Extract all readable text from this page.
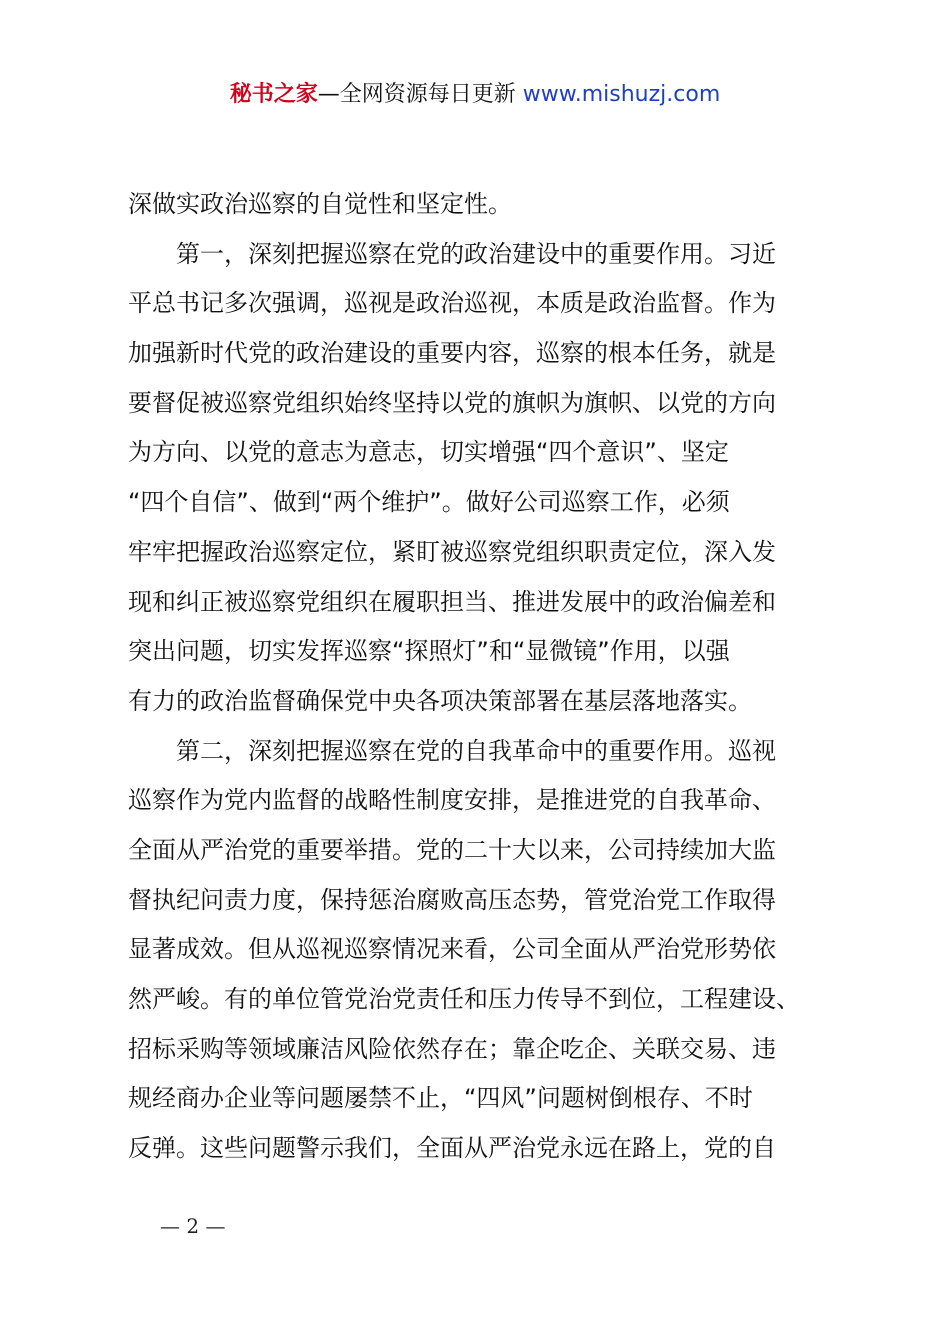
秘书之家—全网资源每日更新 www.mishuzj.com
深做实政治巡察的自觉性和坚定性。
　　第一，深刻把握巡察在党的政治建设中的重要作用。习近
平总书记多次强调，巡视是政治巡视，本质是政治监督。作为
加强新时代党的政治建设的重要内容，巡察的根本任务，就是
要督促被巡察党组织始终坚持以党的旗帜为旗帜、以党的方向
为方向、以党的意志为意志，切实增强“四个意识”、坚定
“四个自信”、做到“两个维护”。做好公司巡察工作，必须
牢牢把握政治巡察定位，紧盯被巡察党组织职责定位，深入发
现和纠正被巡察党组织在履职担当、推进发展中的政治偏差和
突出问题，切实发挥巡察“探照灯”和“显微镜”作用，以强
有力的政治监督确保党中央各项决策部署在基层落地落实。
　　第二，深刻把握巡察在党的自我革命中的重要作用。巡视
巡察作为党内监督的战略性制度安排，是推进党的自我革命、
全面从严治党的重要举措。党的二十大以来，公司持续加大监
督执纪问责力度，保持惩治腐败高压态势，管党治党工作取得
显著成效。但从巡视巡察情况来看，公司全面从严治党形势依
然严峻。有的单位管党治党责任和压力传导不到位，工程建设、
招标采购等领域廉洁风险依然存在；靠企吃企、关联交易、违
规经商办企业等问题屡禁不止，“四风”问题树倒根存、不时
反弹。这些问题警示我们，全面从严治党永远在路上，党的自
— 2 —
